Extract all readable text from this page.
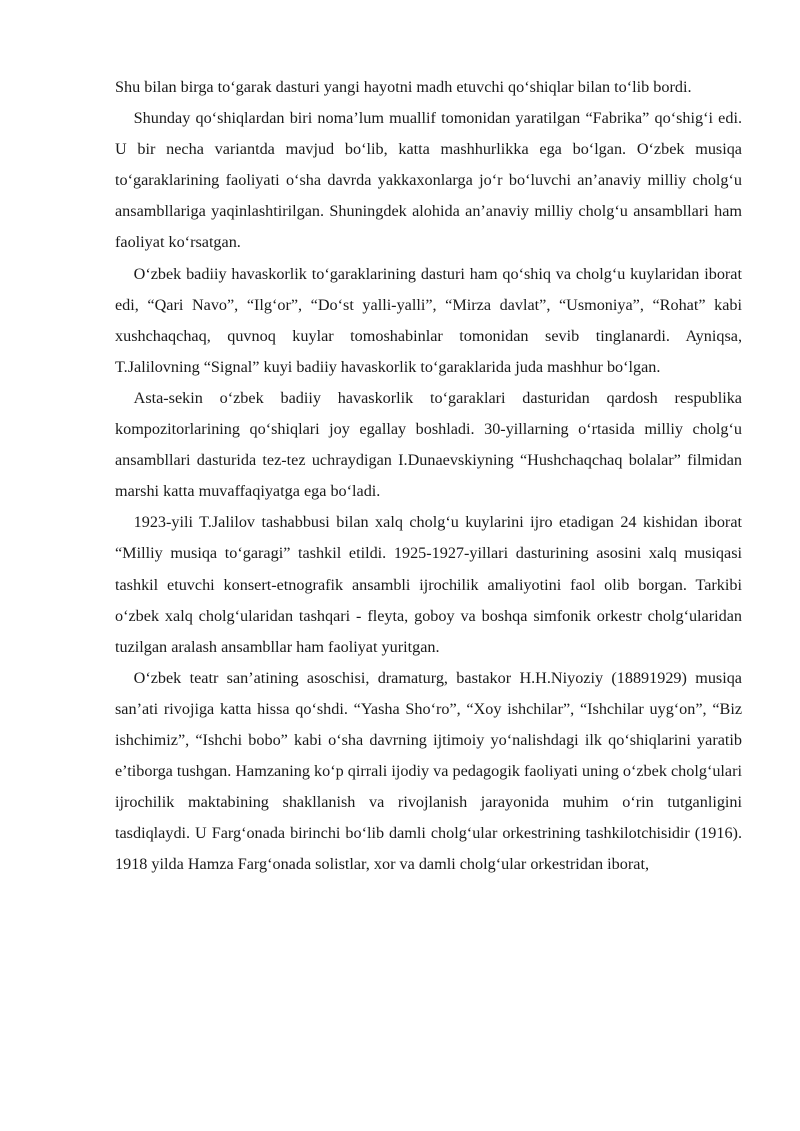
Shu bilan birga to‘garak dasturi yangi hayotni madh etuvchi qo‘shiqlar bilan to‘lib bordi.

Shunday qo‘shiqlardan biri noma’lum muallif tomonidan yaratilgan “Fabrika” qo‘shig‘i edi. U bir necha variantda mavjud bo‘lib, katta mashhurlikka ega bo‘lgan. O‘zbek musiqa to‘garaklarining faoliyati o‘sha davrda yakkaxonlarga jo‘r bo‘luvchi an’anaviy milliy cholg‘u ansambllariga yaqinlashtirilgan. Shuningdek alohida an’anaviy milliy cholg‘u ansambllari ham faoliyat ko‘rsatgan.

O‘zbek badiiy havaskorlik to‘garaklarining dasturi ham qo‘shiq va cholg‘u kuylaridan iborat edi, “Qari Navo”, “Ilg‘or”, “Do‘st yalli-yalli”, “Mirza davlat”, “Usmoniya”, “Rohat” kabi xushchaqchaq, quvnoq kuylar tomoshabinlar tomonidan sevib tinglanardi. Ayniqsa, T.Jalilovning “Signal” kuyi badiiy havaskorlik to‘garaklarida juda mashhur bo‘lgan.

Asta-sekin o‘zbek badiiy havaskorlik to‘garaklari dasturidan qardosh respublika kompozitorlarining qo‘shiqlari joy egallay boshladi. 30-yillarning o‘rtasida milliy cholg‘u ansambllari dasturida tez-tez uchraydigan I.Dunaevskiyning “Hushchaqchaq bolalar” filmidan marshi katta muvaffaqiyatga ega bo‘ladi.

1923-yili T.Jalilov tashabbusi bilan xalq cholg‘u kuylarini ijro etadigan 24 kishidan iborat “Milliy musiqa to‘garagi” tashkil etildi. 1925-1927-yillari dasturining asosini xalq musiqasi tashkil etuvchi konsert-etnografik ansambli ijrochilik amaliyotini faol olib borgan. Tarkibi o‘zbek xalq cholg‘ularidan tashqari - fleyta, goboy va boshqa simfonik orkestr cholg‘ularidan tuzilgan aralash ansambllar ham faoliyat yuritgan.

O‘zbek teatr san’atining asoschisi, dramaturg, bastakor H.H.Niyoziy (18891929) musiqa san’ati rivojiga katta hissa qo‘shdi. “Yasha Sho‘ro”, “Xoy ishchilar”, “Ishchilar uyg‘on”, “Biz ishchimiz”, “Ishchi bobo” kabi o‘sha davrning ijtimoiy yo‘nalishdagi ilk qo‘shiqlarini yaratib e’tiborga tushgan. Hamzaning ko‘p qirrali ijodiy va pedagogik faoliyati uning o‘zbek cholg‘ulari ijrochilik maktabining shakllanish va rivojlanish jarayonida muhim o‘rin tutganligini tasdiqlaydi. U Farg‘onada birinchi bo‘lib damli cholg‘ular orkestrining tashkilotchisidir (1916). 1918 yilda Hamza Farg‘onada solistlar, xor va damli cholg‘ular orkestridan iborat,
